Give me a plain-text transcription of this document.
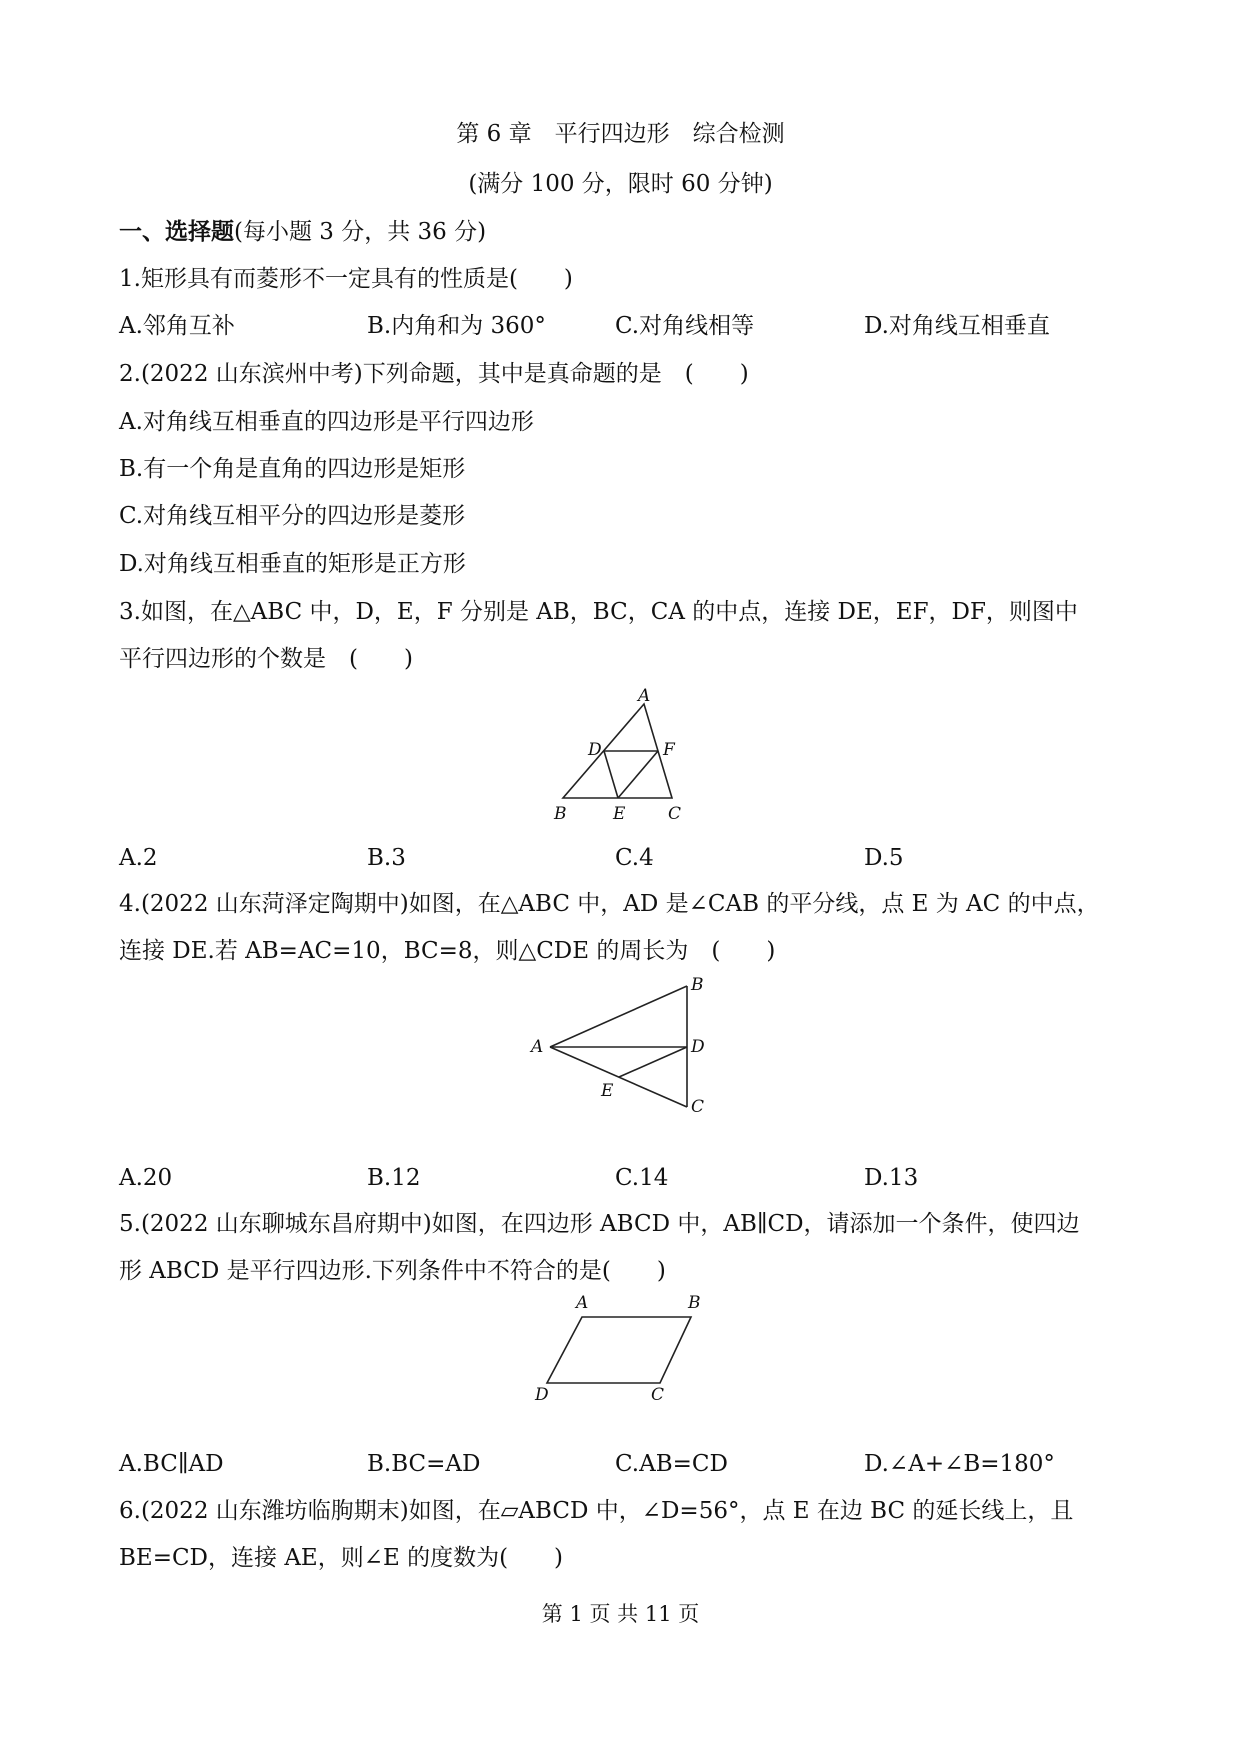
第 6 章　平行四边形　综合检测
(满分 100 分，限时 60 分钟)
一、选择题(每小题 3 分，共 36 分)
1.矩形具有而菱形不一定具有的性质是(　　)
A.邻角互补	B.内角和为 360°	C.对角线相等	D.对角线互相垂直
2.(2022 山东滨州中考)下列命题，其中是真命题的是　(　　)
A.对角线互相垂直的四边形是平行四边形
B.有一个角是直角的四边形是矩形
C.对角线互相平分的四边形是菱形
D.对角线互相垂直的矩形是正方形
3.如图，在△ABC 中，D，E，F 分别是 AB，BC，CA 的中点，连接 DE，EF，DF，则图中
平行四边形的个数是　(　　)
A
D	F
B	E	C
A.2	B.3	C.4	D.5
4.(2022 山东菏泽定陶期中)如图，在△ABC 中，AD 是∠CAB 的平分线，点 E 为 AC 的中点，
连接 DE.若 AB=AC=10，BC=8，则△CDE 的周长为　(　　)
B
A	D
E
C
A.20	B.12	C.14	D.13
5.(2022 山东聊城东昌府期中)如图，在四边形 ABCD 中，AB∥CD，请添加一个条件，使四边
形 ABCD 是平行四边形.下列条件中不符合的是(　　)
A	B
D	C
A.BC∥AD	B.BC=AD	C.AB=CD	D.∠A+∠B=180°
6.(2022 山东潍坊临朐期末)如图，在▱ABCD 中，∠D=56°，点 E 在边 BC 的延长线上，且
BE=CD，连接 AE，则∠E 的度数为(　　)
第 1 页 共 11 页
